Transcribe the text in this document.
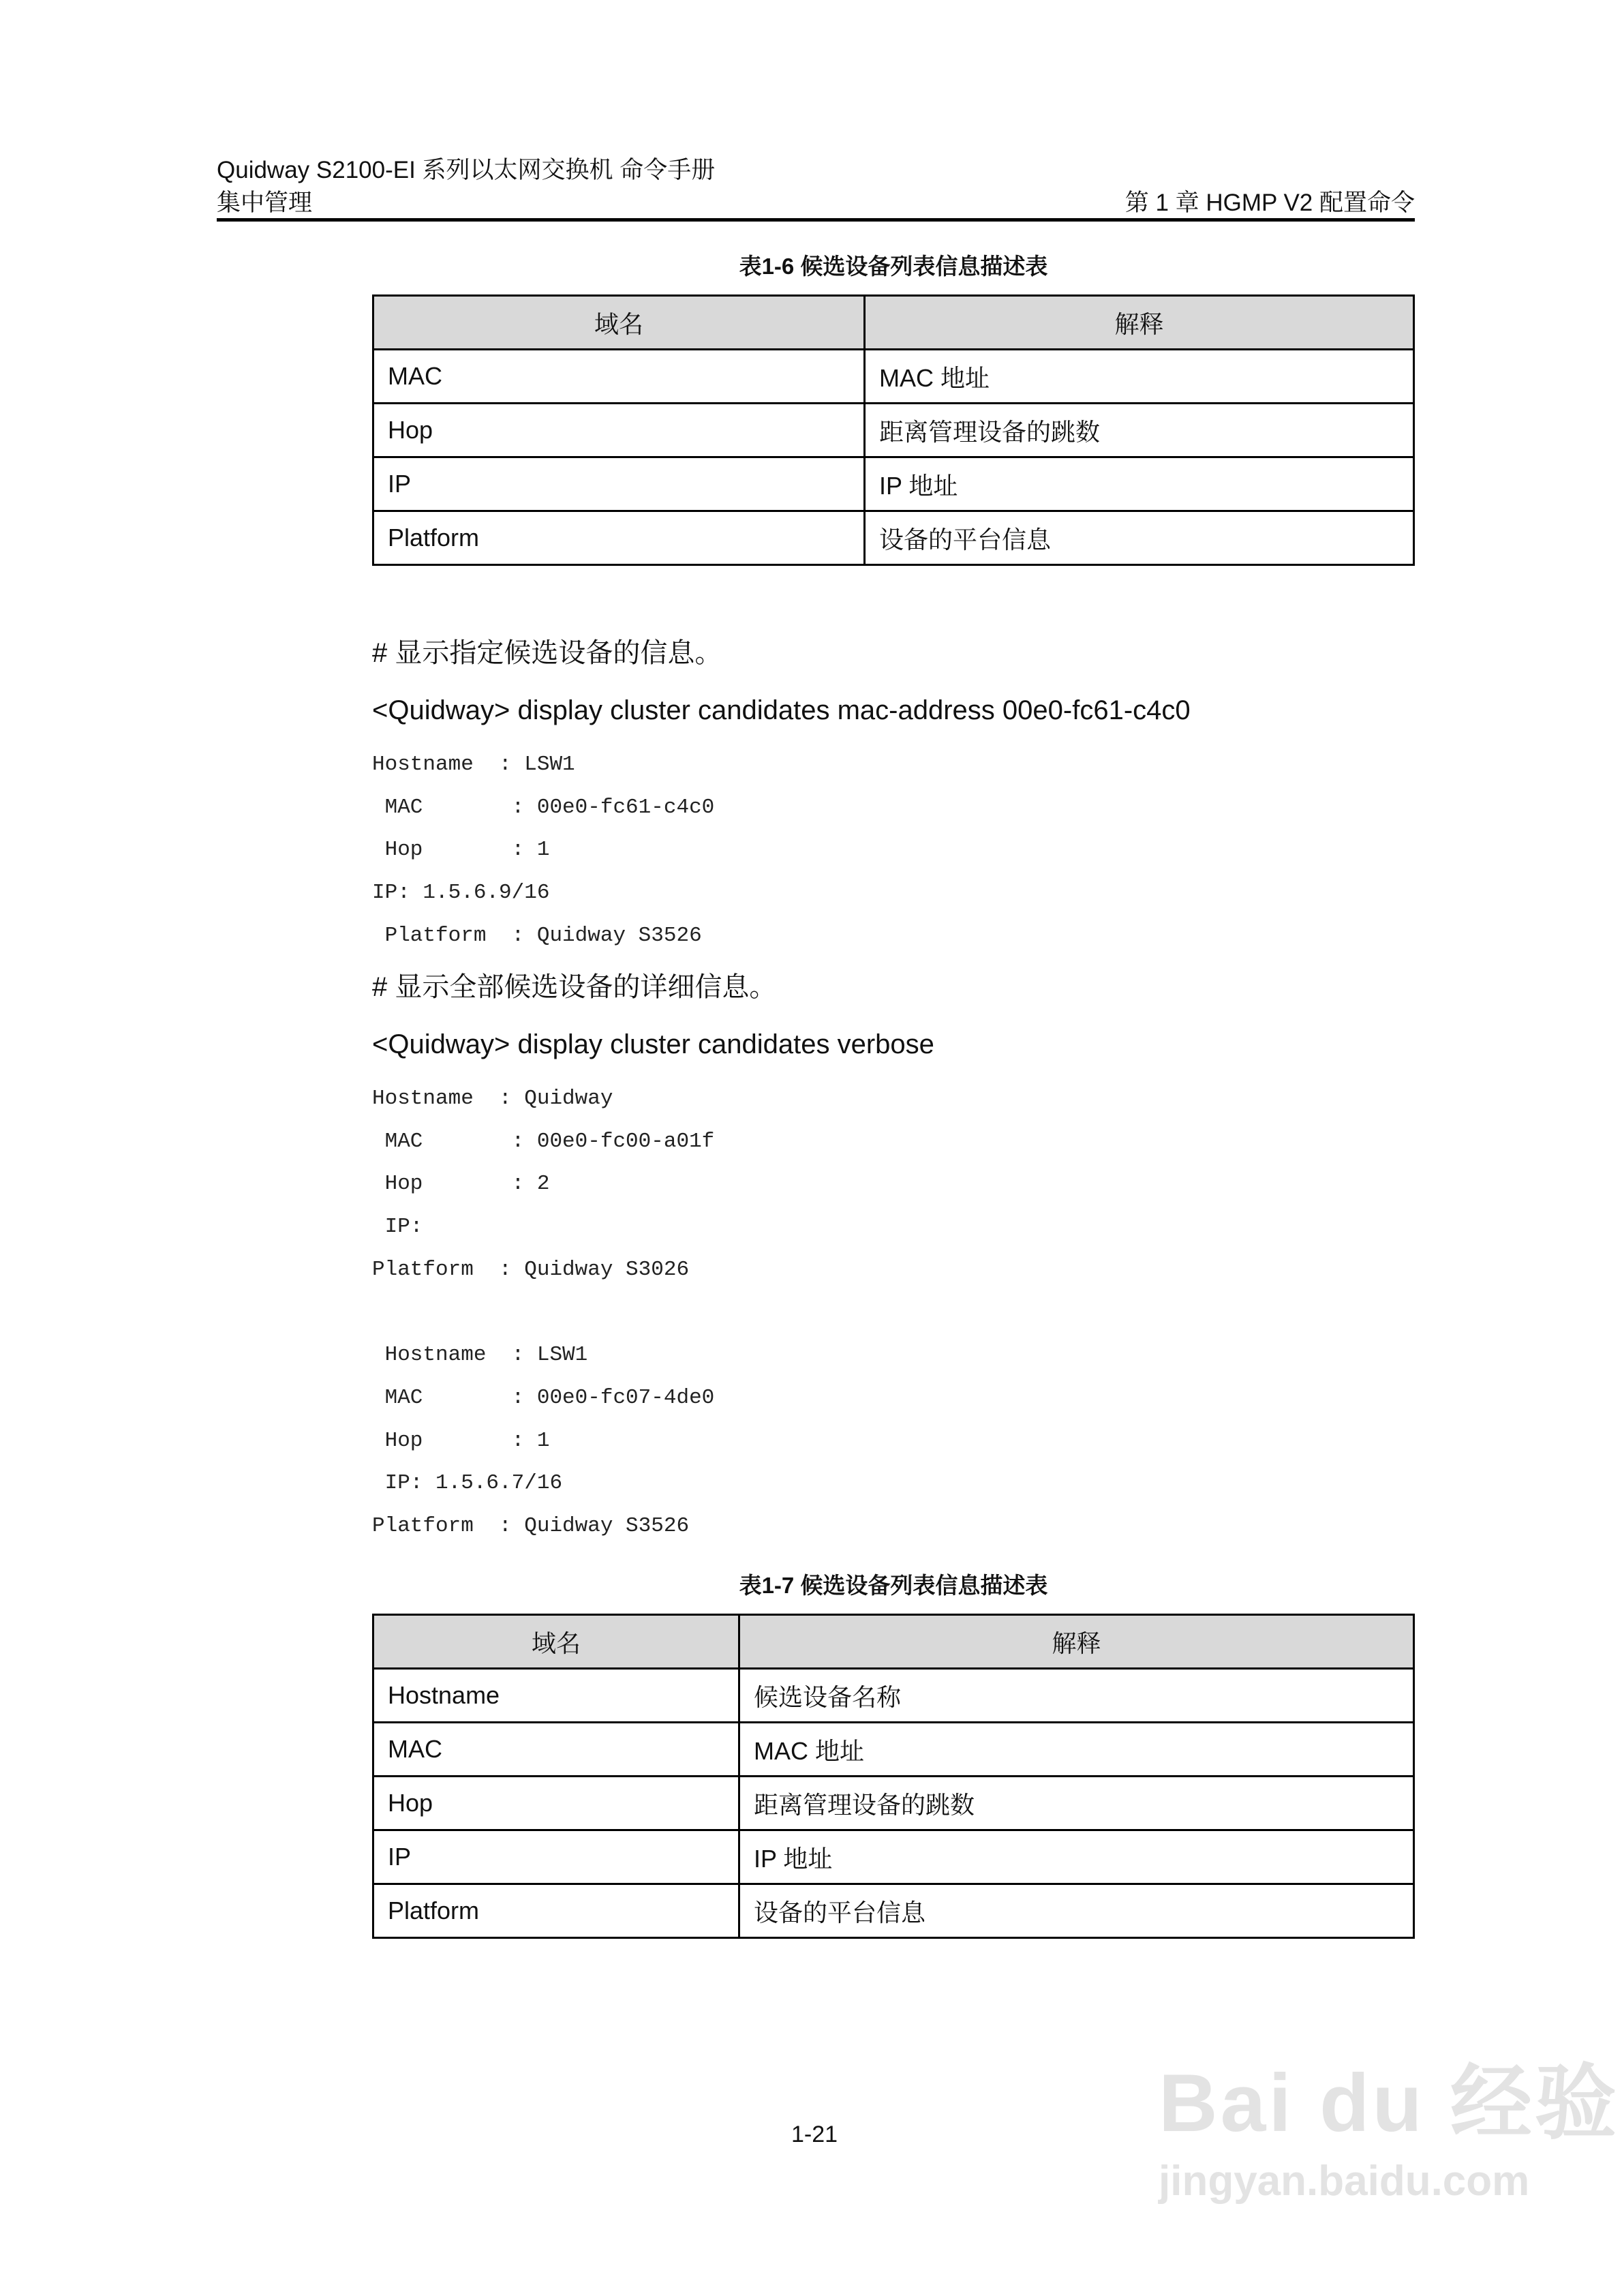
Quidway S2100-EI 系列以太网交换机 命令手册
集中管理	第 1 章 HGMP V2 配置命令
表1-6 候选设备列表信息描述表
域名	解释
MAC	MAC 地址
Hop	距离管理设备的跳数
IP	IP 地址
Platform	设备的平台信息
# 显示指定候选设备的信息。
<Quidway> display cluster candidates mac-address 00e0-fc61-c4c0
Hostname  : LSW1
MAC       : 00e0-fc61-c4c0
Hop       : 1
IP: 1.5.6.9/16
Platform  : Quidway S3526
# 显示全部候选设备的详细信息。
<Quidway> display cluster candidates verbose
Hostname  : Quidway
MAC       : 00e0-fc00-a01f
Hop       : 2
IP:
Platform  : Quidway S3026
Hostname  : LSW1
MAC       : 00e0-fc07-4de0
Hop       : 1
IP: 1.5.6.7/16
Platform  : Quidway S3526
表1-7 候选设备列表信息描述表
域名	解释
Hostname	候选设备名称
MAC	MAC 地址
Hop	距离管理设备的跳数
IP	IP 地址
Platform	设备的平台信息
1-21	Bai du 经验
jingyan.baidu.com
